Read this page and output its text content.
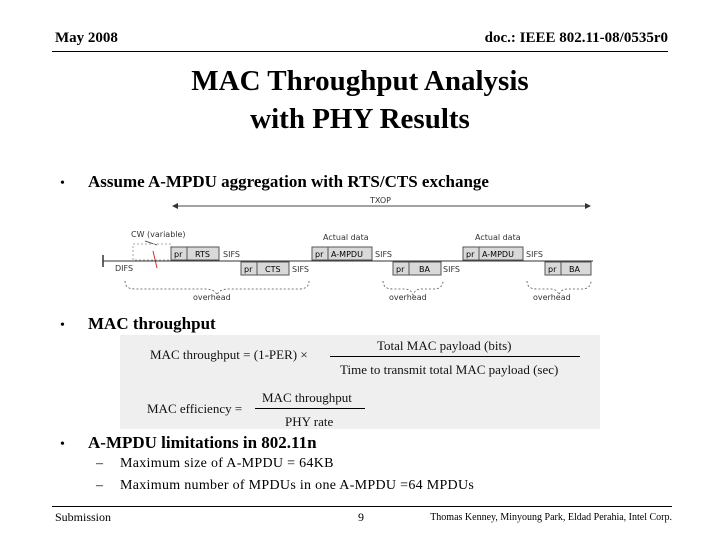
May 2008	doc.: IEEE 802.11-08/0535r0
MAC Throughput Analysis
with PHY Results
• Assume A-MPDU aggregation with RTS/CTS exchange
TXOP
CW (variable)
DIFS
pr RTS SIFS
pr CTS SIFS
overhead
Actual data
pr A-MPDU SIFS
pr BA SIFS
overhead
Actual data
pr A-MPDU SIFS
pr BA
overhead
• MAC throughput
MAC throughput = (1-PER) ×
Total MAC payload (bits)
Time to transmit total MAC payload (sec)
MAC efficiency =
MAC throughput
PHY rate
• A-MPDU limitations in 802.11n
– Maximum size of A-MPDU = 64KB
– Maximum number of MPDUs in one A-MPDU =64 MPDUs
Submission	9	Thomas Kenney, Minyoung Park, Eldad Perahia, Intel Corp.
